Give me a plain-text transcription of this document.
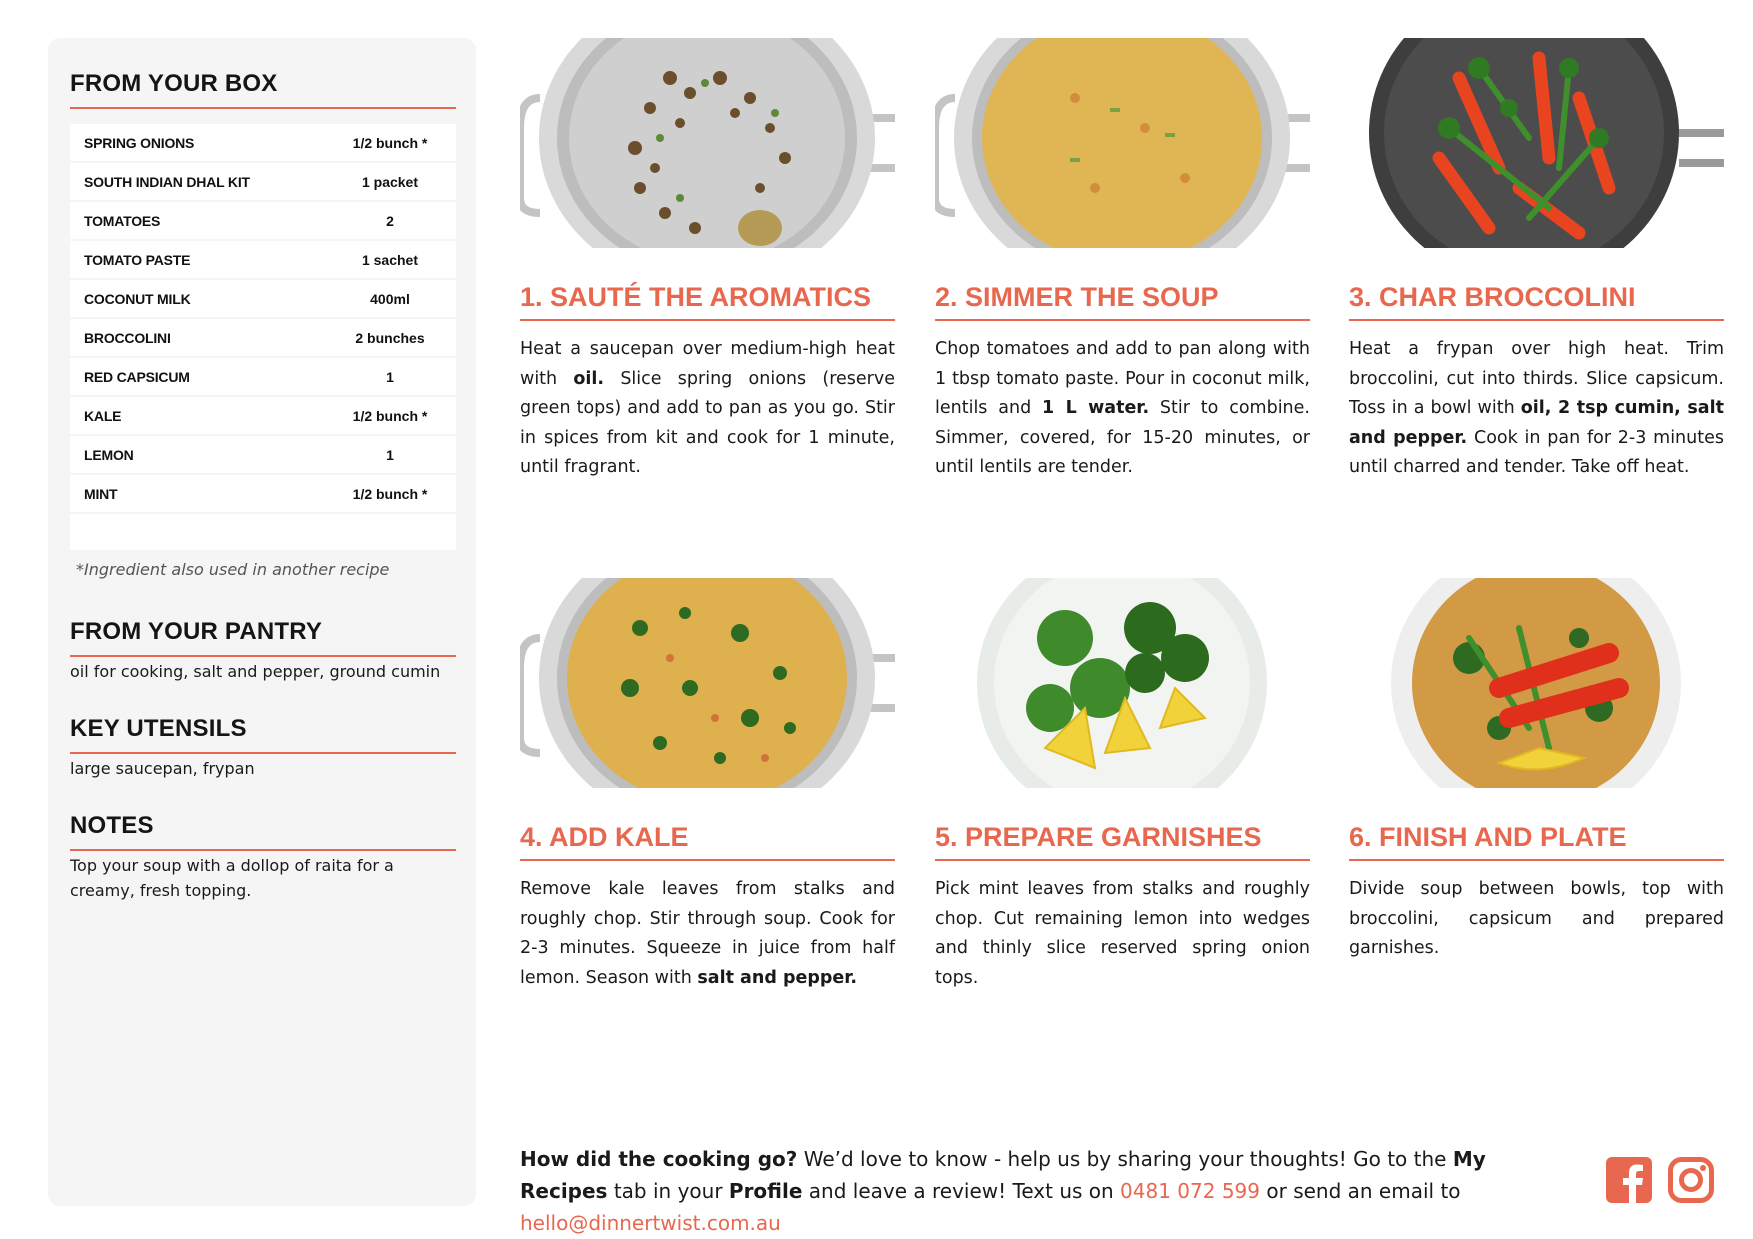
FROM YOUR BOX
SPRING ONIONS	1/2 bunch *
SOUTH INDIAN DHAL KIT	1 packet
TOMATOES	2
TOMATO PASTE	1 sachet
COCONUT MILK	400ml
BROCCOLINI	2 bunches
RED CAPSICUM	1
KALE	1/2 bunch *
LEMON	1
MINT	1/2 bunch *
*Ingredient also used in another recipe
FROM YOUR PANTRY
oil for cooking, salt and pepper, ground cumin
KEY UTENSILS
large saucepan, frypan
NOTES
Top your soup with a dollop of raita for a creamy, fresh topping.
1. SAUTÉ THE AROMATICS
Heat a saucepan over medium-high heat with oil. Slice spring onions (reserve green tops) and add to pan as you go. Stir in spices from kit and cook for 1 minute, until fragrant.
2. SIMMER THE SOUP
Chop tomatoes and add to pan along with 1 tbsp tomato paste. Pour in coconut milk, lentils and 1 L water. Stir to combine. Simmer, covered, for 15-20 minutes, or until lentils are tender.
3. CHAR BROCCOLINI
Heat a frypan over high heat. Trim broccolini, cut into thirds. Slice capsicum. Toss in a bowl with oil, 2 tsp cumin, salt and pepper. Cook in pan for 2-3 minutes until charred and tender. Take off heat.
4. ADD KALE
Remove kale leaves from stalks and roughly chop. Stir through soup. Cook for 2-3 minutes. Squeeze in juice from half lemon. Season with salt and pepper.
5. PREPARE GARNISHES
Pick mint leaves from stalks and roughly chop. Cut remaining lemon into wedges and thinly slice reserved spring onion tops.
6. FINISH AND PLATE
Divide soup between bowls, top with broccolini, capsicum and prepared garnishes.
How did the cooking go? We’d love to know - help us by sharing your thoughts! Go to the My Recipes tab in your Profile and leave a review! Text us on 0481 072 599 or send an email to hello@dinnertwist.com.au
